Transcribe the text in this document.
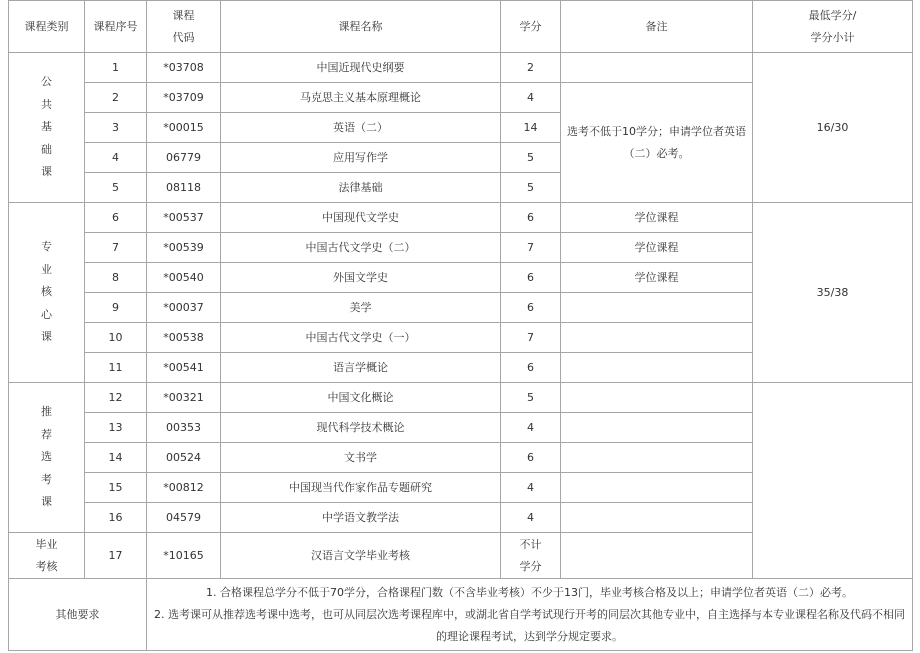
课程类别	课程序号	课程代码	课程名称	学分	备注	最低学分/学分小计

公共基础课	1	*03708	中国近现代史纲要	2		16/30
	2	*03709	马克思主义基本原理概论	4	选考不低于10学分；申请学位者英语（二）必考。	
	3	*00015	英语（二）	14		
	4	06779	应用写作学	5		
	5	08118	法律基础	5		

专业核心课	6	*00537	中国现代文学史	6	学位课程	35/38
	7	*00539	中国古代文学史（二）	7	学位课程	
	8	*00540	外国文学史	6	学位课程	
	9	*00037	美学	6		
	10	*00538	中国古代文学史（一）	7		
	11	*00541	语言学概论	6		

推荐选考课	12	*00321	中国文化概论	5		
	13	00353	现代科学技术概论	4		
	14	00524	文书学	6		
	15	*00812	中国现当代作家作品专题研究	4		
	16	04579	中学语文教学法	4		

毕业考核	17	*10165	汉语言文学毕业考核	不计学分		

其他要求		1. 合格课程总学分不低于70学分，合格课程门数（不含毕业考核）不少于13门，毕业考核合格及以上；申请学位者英语（二）必考。
2. 选考课可从推荐选考课中选考，也可从同层次选考课程库中，或湖北省自学考试现行开考的同层次其他专业中，自主选择与本专业课程名称及代码不相同的理论课程考试，达到学分规定要求。				
